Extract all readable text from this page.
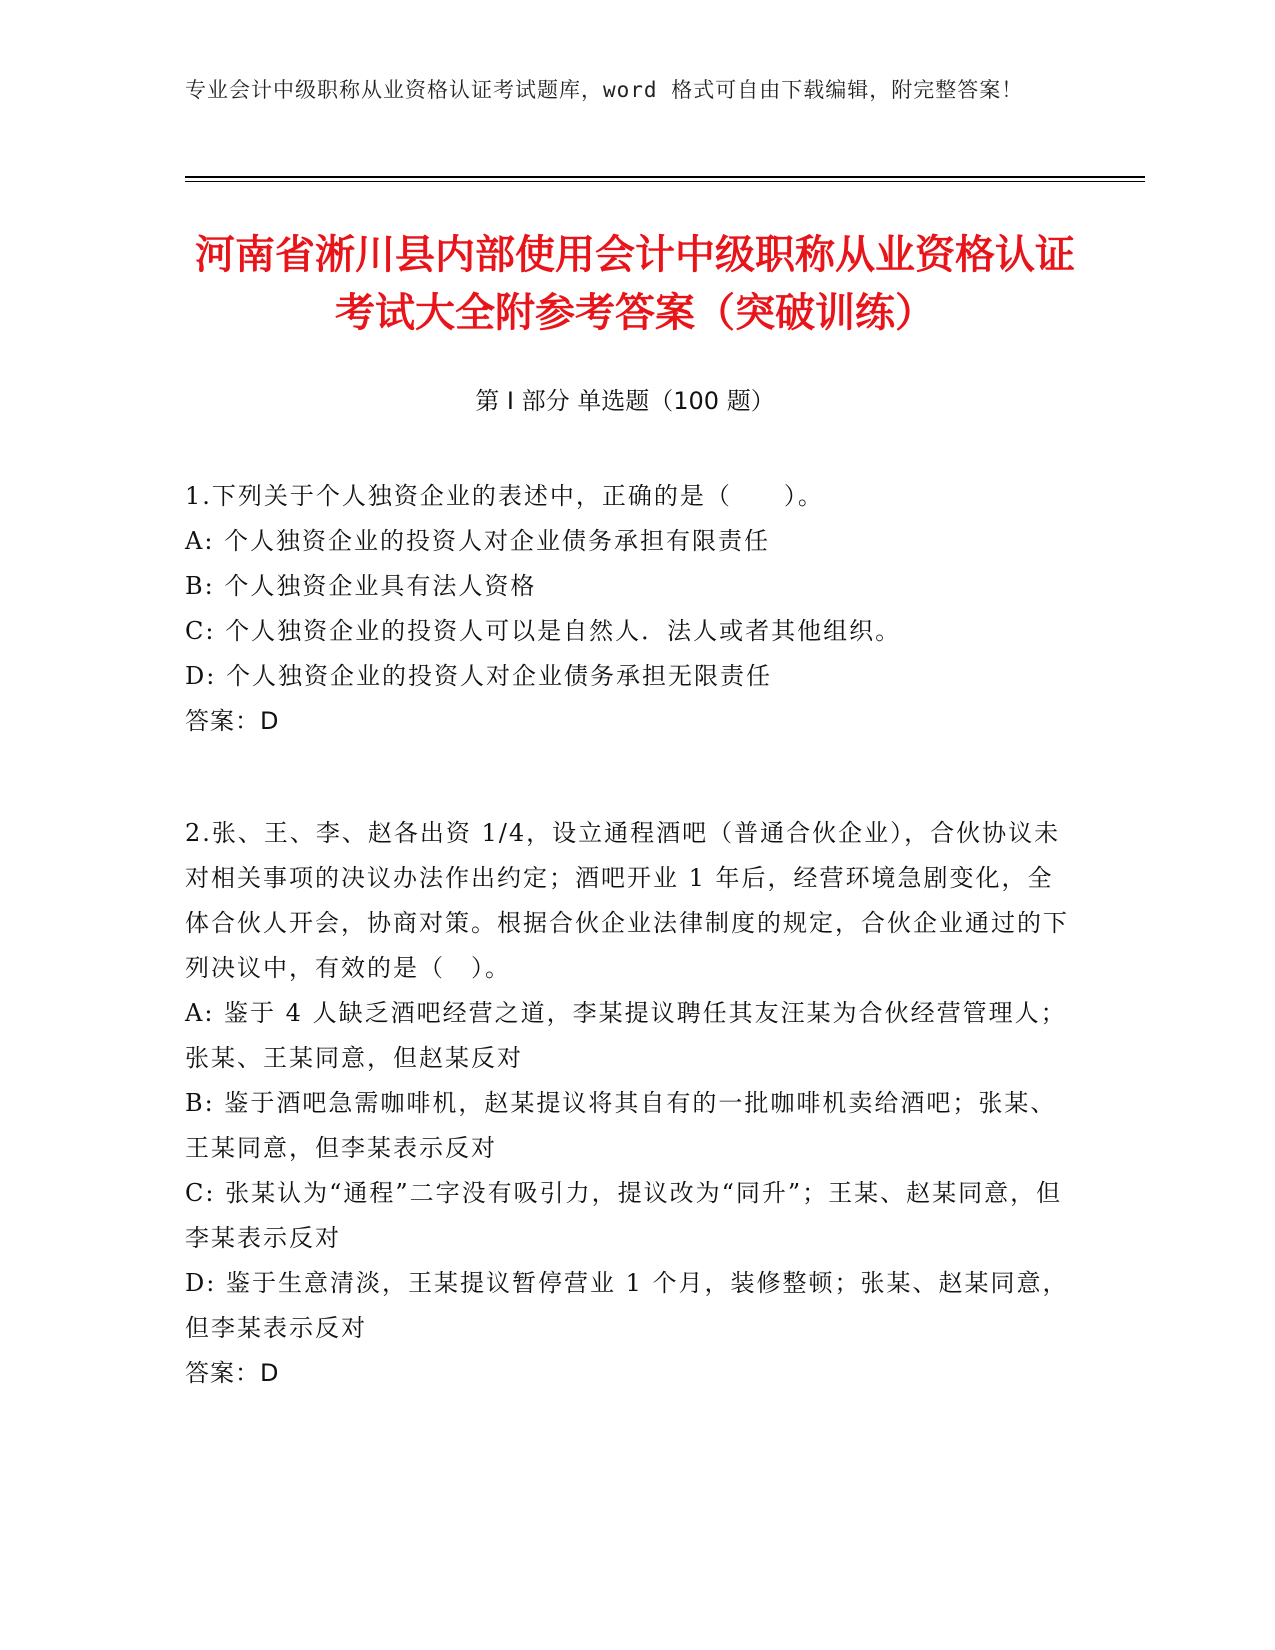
专业会计中级职称从业资格认证考试题库，word 格式可自由下载编辑，附完整答案！
河南省淅川县内部使用会计中级职称从业资格认证考试大全附参考答案（突破训练）
第 I 部分 单选题（100 题）
1.下列关于个人独资企业的表述中，正确的是（　　）。
A: 个人独资企业的投资人对企业债务承担有限责任
B: 个人独资企业具有法人资格
C: 个人独资企业的投资人可以是自然人．法人或者其他组织。
D: 个人独资企业的投资人对企业债务承担无限责任
答案：D
2.张、王、李、赵各出资 1/4，设立通程酒吧（普通合伙企业），合伙协议未对相关事项的决议办法作出约定；酒吧开业 1 年后，经营环境急剧变化，全体合伙人开会，协商对策。根据合伙企业法律制度的规定，合伙企业通过的下列决议中，有效的是（　）。
A: 鉴于 4 人缺乏酒吧经营之道，李某提议聘任其友汪某为合伙经营管理人；张某、王某同意，但赵某反对
B: 鉴于酒吧急需咖啡机，赵某提议将其自有的一批咖啡机卖给酒吧；张某、王某同意，但李某表示反对
C: 张某认为“通程”二字没有吸引力，提议改为“同升”；王某、赵某同意，但李某表示反对
D: 鉴于生意清淡，王某提议暂停营业 1 个月，装修整顿；张某、赵某同意，但李某表示反对
答案：D
